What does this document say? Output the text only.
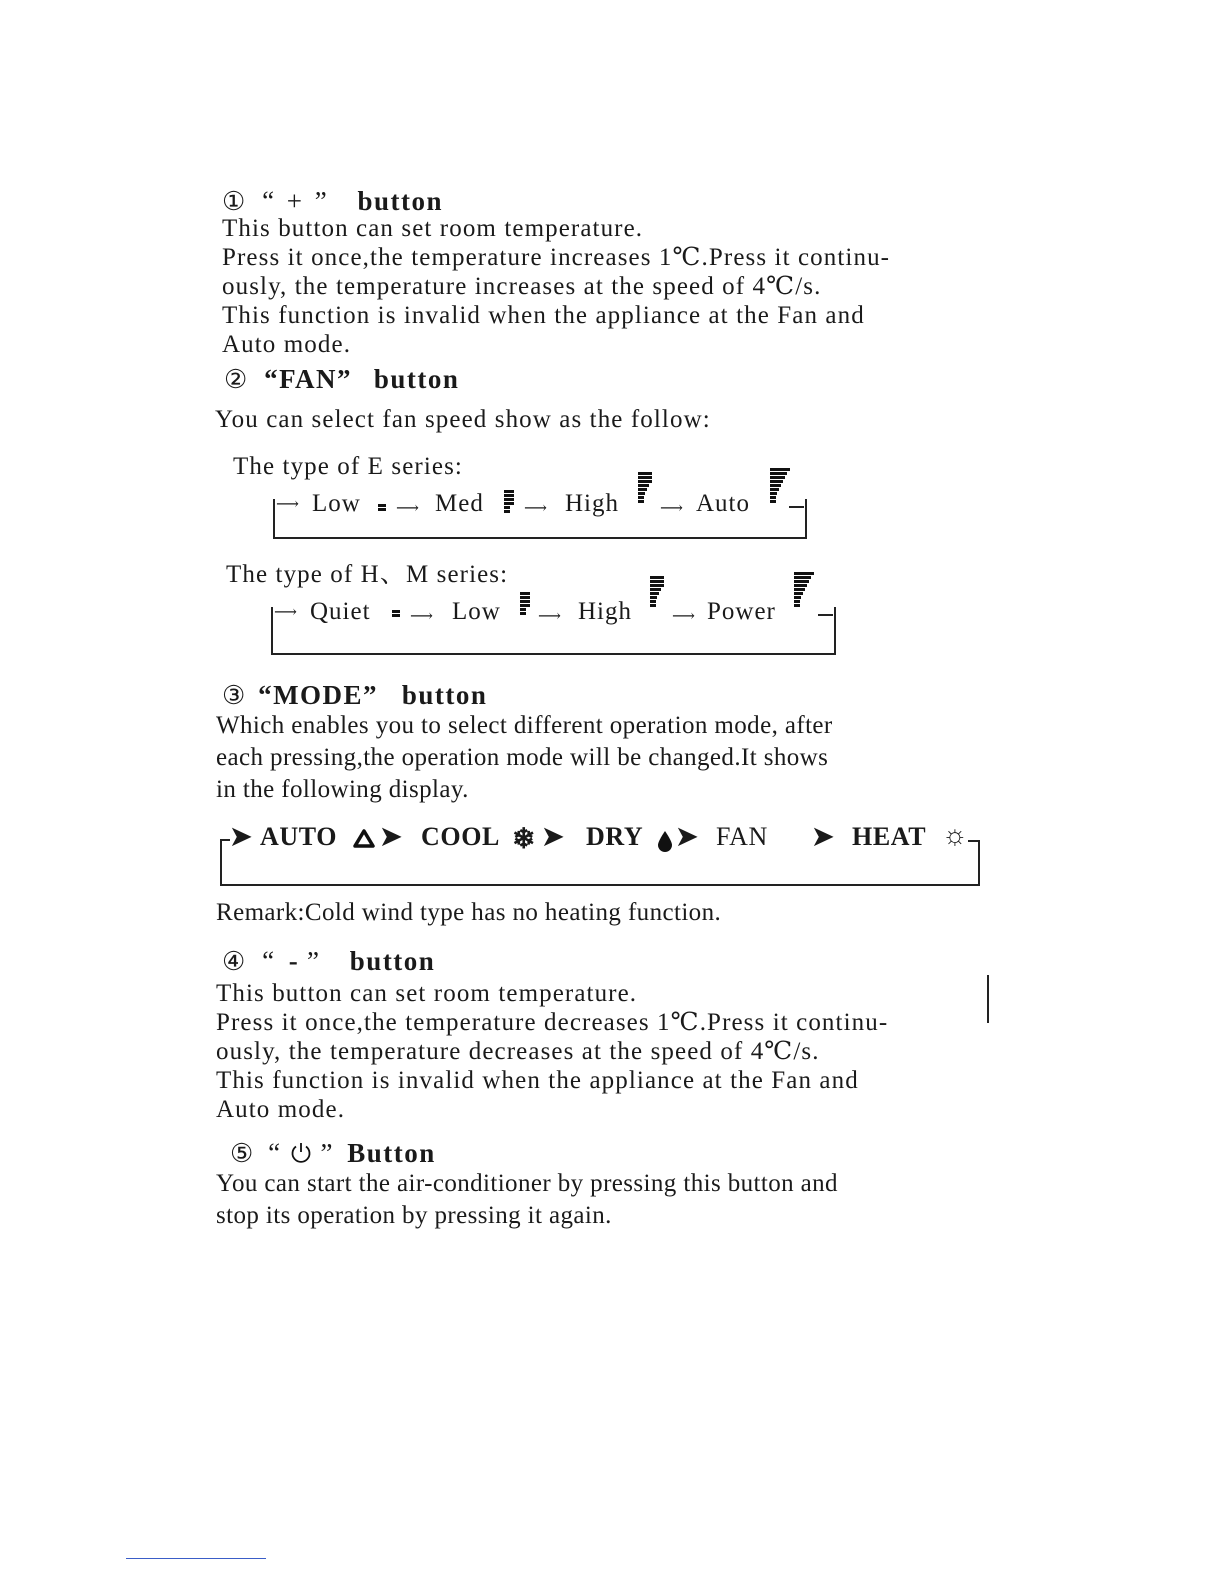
① “ + ” button
This button can set room temperature.
Press it once,the temperature increases 1℃.Press it continu-
ously, the temperature increases at the speed of 4℃/s.
This function is invalid when the appliance at the Fan and
Auto mode.
② “FAN” button
You can select fan speed show as the follow:
The type of E series:
⟶ Low ⟶ Med	⟶ High	⟶ Auto
The type of H、M series:
⟶ Quiet ⟶ Low ⟶ High	⟶ Power
③ “MODE” button
Which enables you to select different operation mode, after
each pressing,the operation mode will be changed.It shows
in the following display.
➤ AUTO ➤ COOL ❄ ➤ DRY ➤ FAN ➤ HEAT ☼
Remark:Cold wind type has no heating function.
④ “ - ” button
This button can set room temperature.
Press it once,the temperature decreases 1℃.Press it continu-
ously, the temperature decreases at the speed of 4℃/s.
This function is invalid when the appliance at the Fan and
Auto mode.
⑤ “ ” Button
You can start the air-conditioner by pressing this button and
stop its operation by pressing it again.
